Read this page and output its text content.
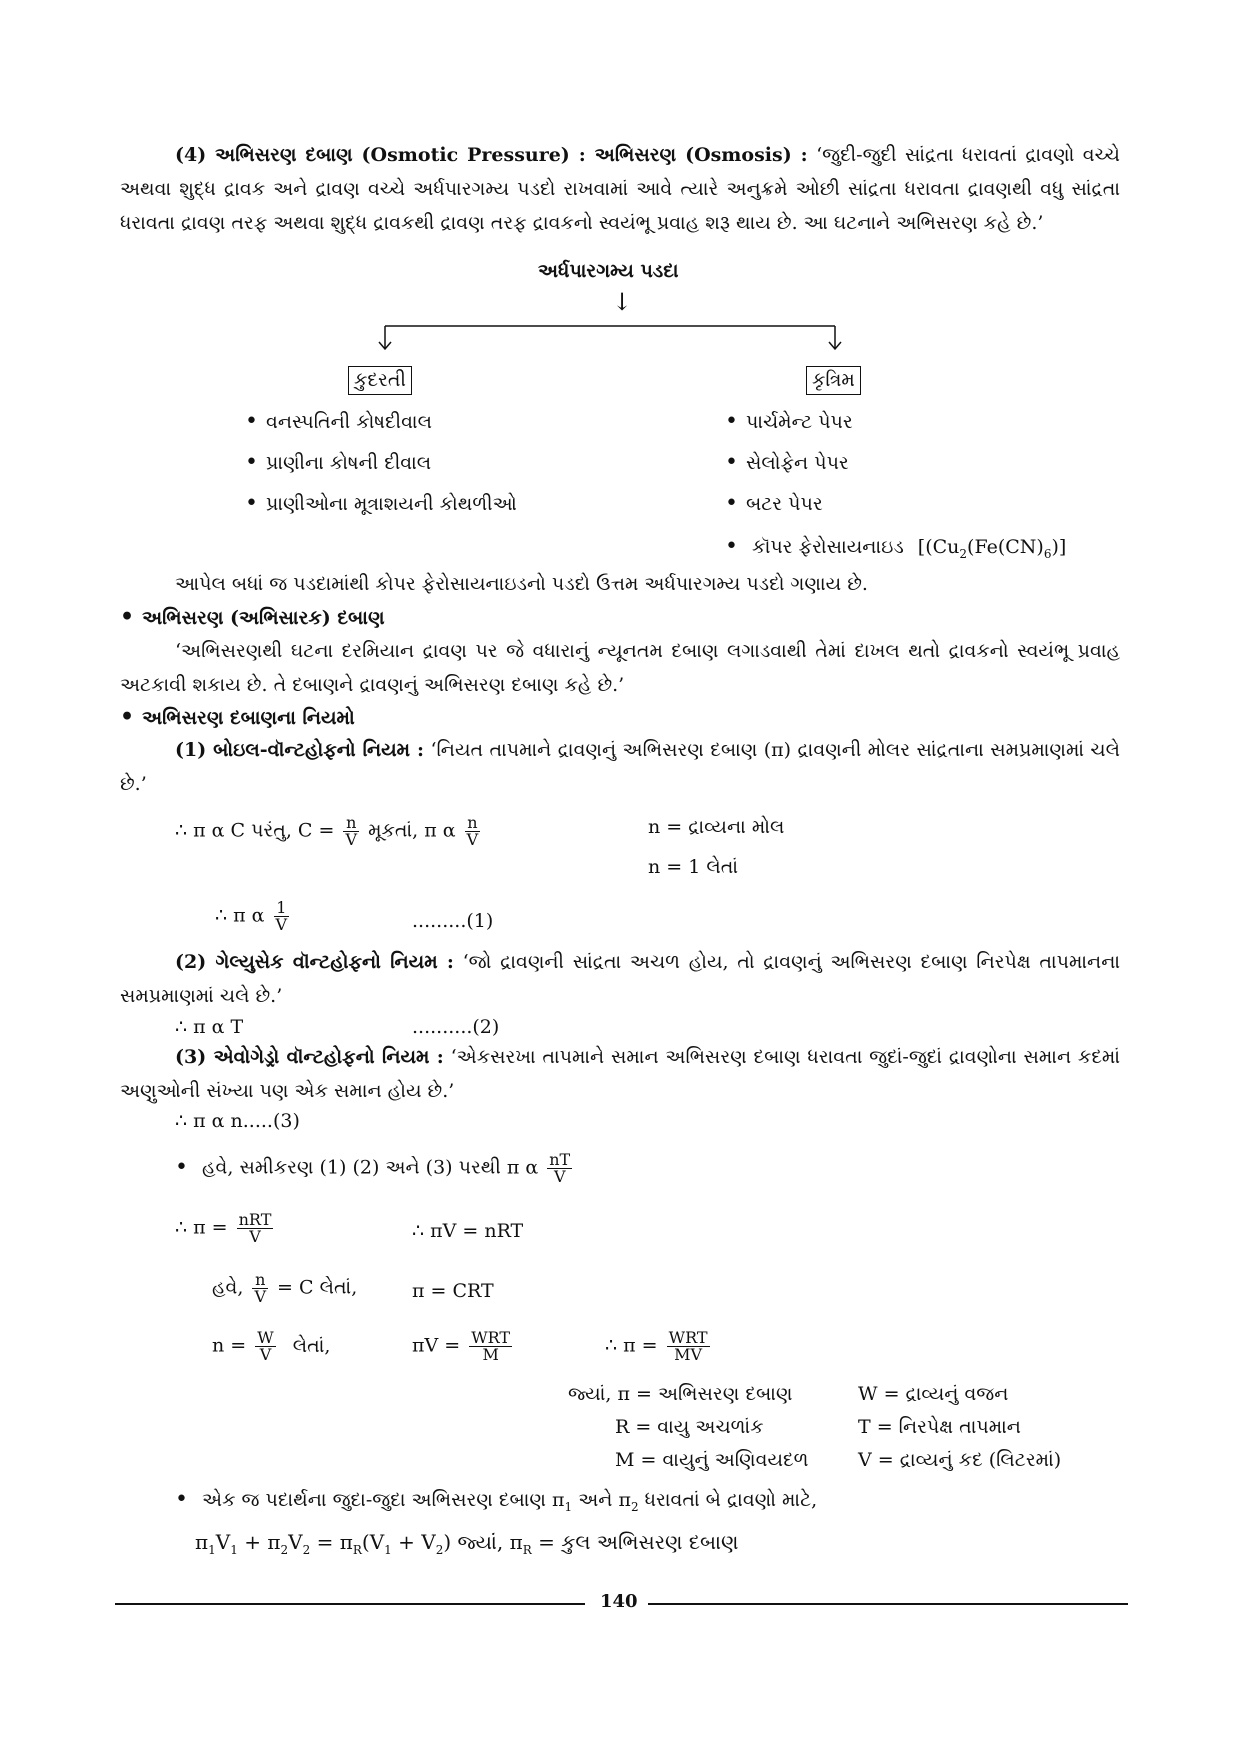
(4) અભિસરણ દબાણ (Osmotic Pressure) : અભિસરણ (Osmosis) : ‘જુદી-જુદી સાંદ્રતા ધરાવતાં દ્રાવણો વચ્ચે અથવા શુદ્ધ દ્રાવક અને દ્રાવણ વચ્ચે અર્ધપારગમ્ય પડદો રાખવામાં આવે ત્યારે અનુક્રમે ઓછી સાંદ્રતા ધરાવતા દ્રાવણથી વધુ સાંદ્રતા ધરાવતા દ્રાવણ તરફ અથવા શુદ્ધ દ્રાવકથી દ્રાવણ તરફ દ્રાવકનો સ્વયંભૂ પ્રવાહ શરૂ થાય છે. આ ઘટનાને અભિસરણ કહે છે.’
અર્ધપારગમ્ય પડદા
↓
કુદરતી	કૃત્રિમ
• વનસ્પતિની કોષદીવાલ
• પ્રાણીના કોષની દીવાલ
• પ્રાણીઓના મૂત્રાશયની કોથળીઓ
• પાર્ચમેન્ટ પેપર
• સેલોફેન પેપર
• બટર પેપર
• કૉપર ફેરોસાયનાઇડ [$(Cu_2(Fe(CN)_6)]$
આપેલ બધાં જ પડદામાંથી કોપર ફેરોસાયનાઇડનો પડદો ઉત્તમ અર્ધપારગમ્ય પડદો ગણાય છે.
• અભિસરણ (અભિસારક) દબાણ
‘અભિસરણથી ઘટના દરમિયાન દ્રાવણ પર જે વધારાનું ન્યૂનતમ દબાણ લગાડવાથી તેમાં દાખલ થતો દ્રાવકનો સ્વયંભૂ પ્રવાહ અટકાવી શકાય છે. તે દબાણને દ્રાવણનું અભિસરણ દબાણ કહે છે.’
• અભિસરણ દબાણના નિયમો
(1) બોઇલ-વૉન્ટહોફનો નિયમ : ‘નિયત તાપમાને દ્રાવણનું અભિસરણ દબાણ (π) દ્રાવણની મોલર સાંદ્રતાના સમપ્રમાણમાં ચલે છે.’
∴ π α C પરંતુ, $C = \frac{n}{V}$ મૂકતાં, π α $\frac{n}{V}$	n = દ્રાવ્યના મોલ
n = 1 લેતાં
∴ π α $\frac{1}{V}$	.........(1)
(2) ગેલ્યુસેક વૉન્ટહોફનો નિયમ : ‘જો દ્રાવણની સાંદ્રતા અચળ હોય, તો દ્રાવણનું અભિસરણ દબાણ નિરપેક્ષ તાપમાનના સમપ્રમાણમાં ચલે છે.’
∴ π α T	..........(2)
(3) એવોગેડ્રો વૉન્ટહોફનો નિયમ : ‘એકસરખા તાપમાને સમાન અભિસરણ દબાણ ધરાવતા જુદાં-જુદાં દ્રાવણોના સમાન કદમાં અણુઓની સંખ્યા પણ એક સમાન હોય છે.’
∴ π α n.....(3)
• હવે, સમીકરણ (1) (2) અને (3) પરથી π α $\frac{nT}{V}$
∴ $\pi = \frac{\text{nRT}}{V}$	∴ πV = nRT
હવે, $\frac{n}{V} = C$ લેતાં,	π = CRT
$n = \frac{W}{V}$ લેતાં,	$\pi V = \frac{\text{WRT}}{M}$	∴ $\pi = \frac{\text{WRT}}{MV}$
જ્યાં, π = અભિસરણ દબાણ	W = દ્રાવ્યનું વજન
R = વાયુ અચળાંક	T = નિરપેક્ષ તાપમાન
M = વાયુનું અણિવયદળ	V = દ્રાવ્યનું કદ (લિટરમાં)
• એક જ પદાર્થના જુદા-જુદા અભિસરણ દબાણ $\pi_1$ અને $\pi_2$ ધરાવતાં બે દ્રાવણો માટે,
$\pi_1V_1 + \pi_2V_2 = \pi_R(V_1 + V_2)$ જ્યાં, $\pi_R$ = કુલ અભિસરણ દબાણ
140
